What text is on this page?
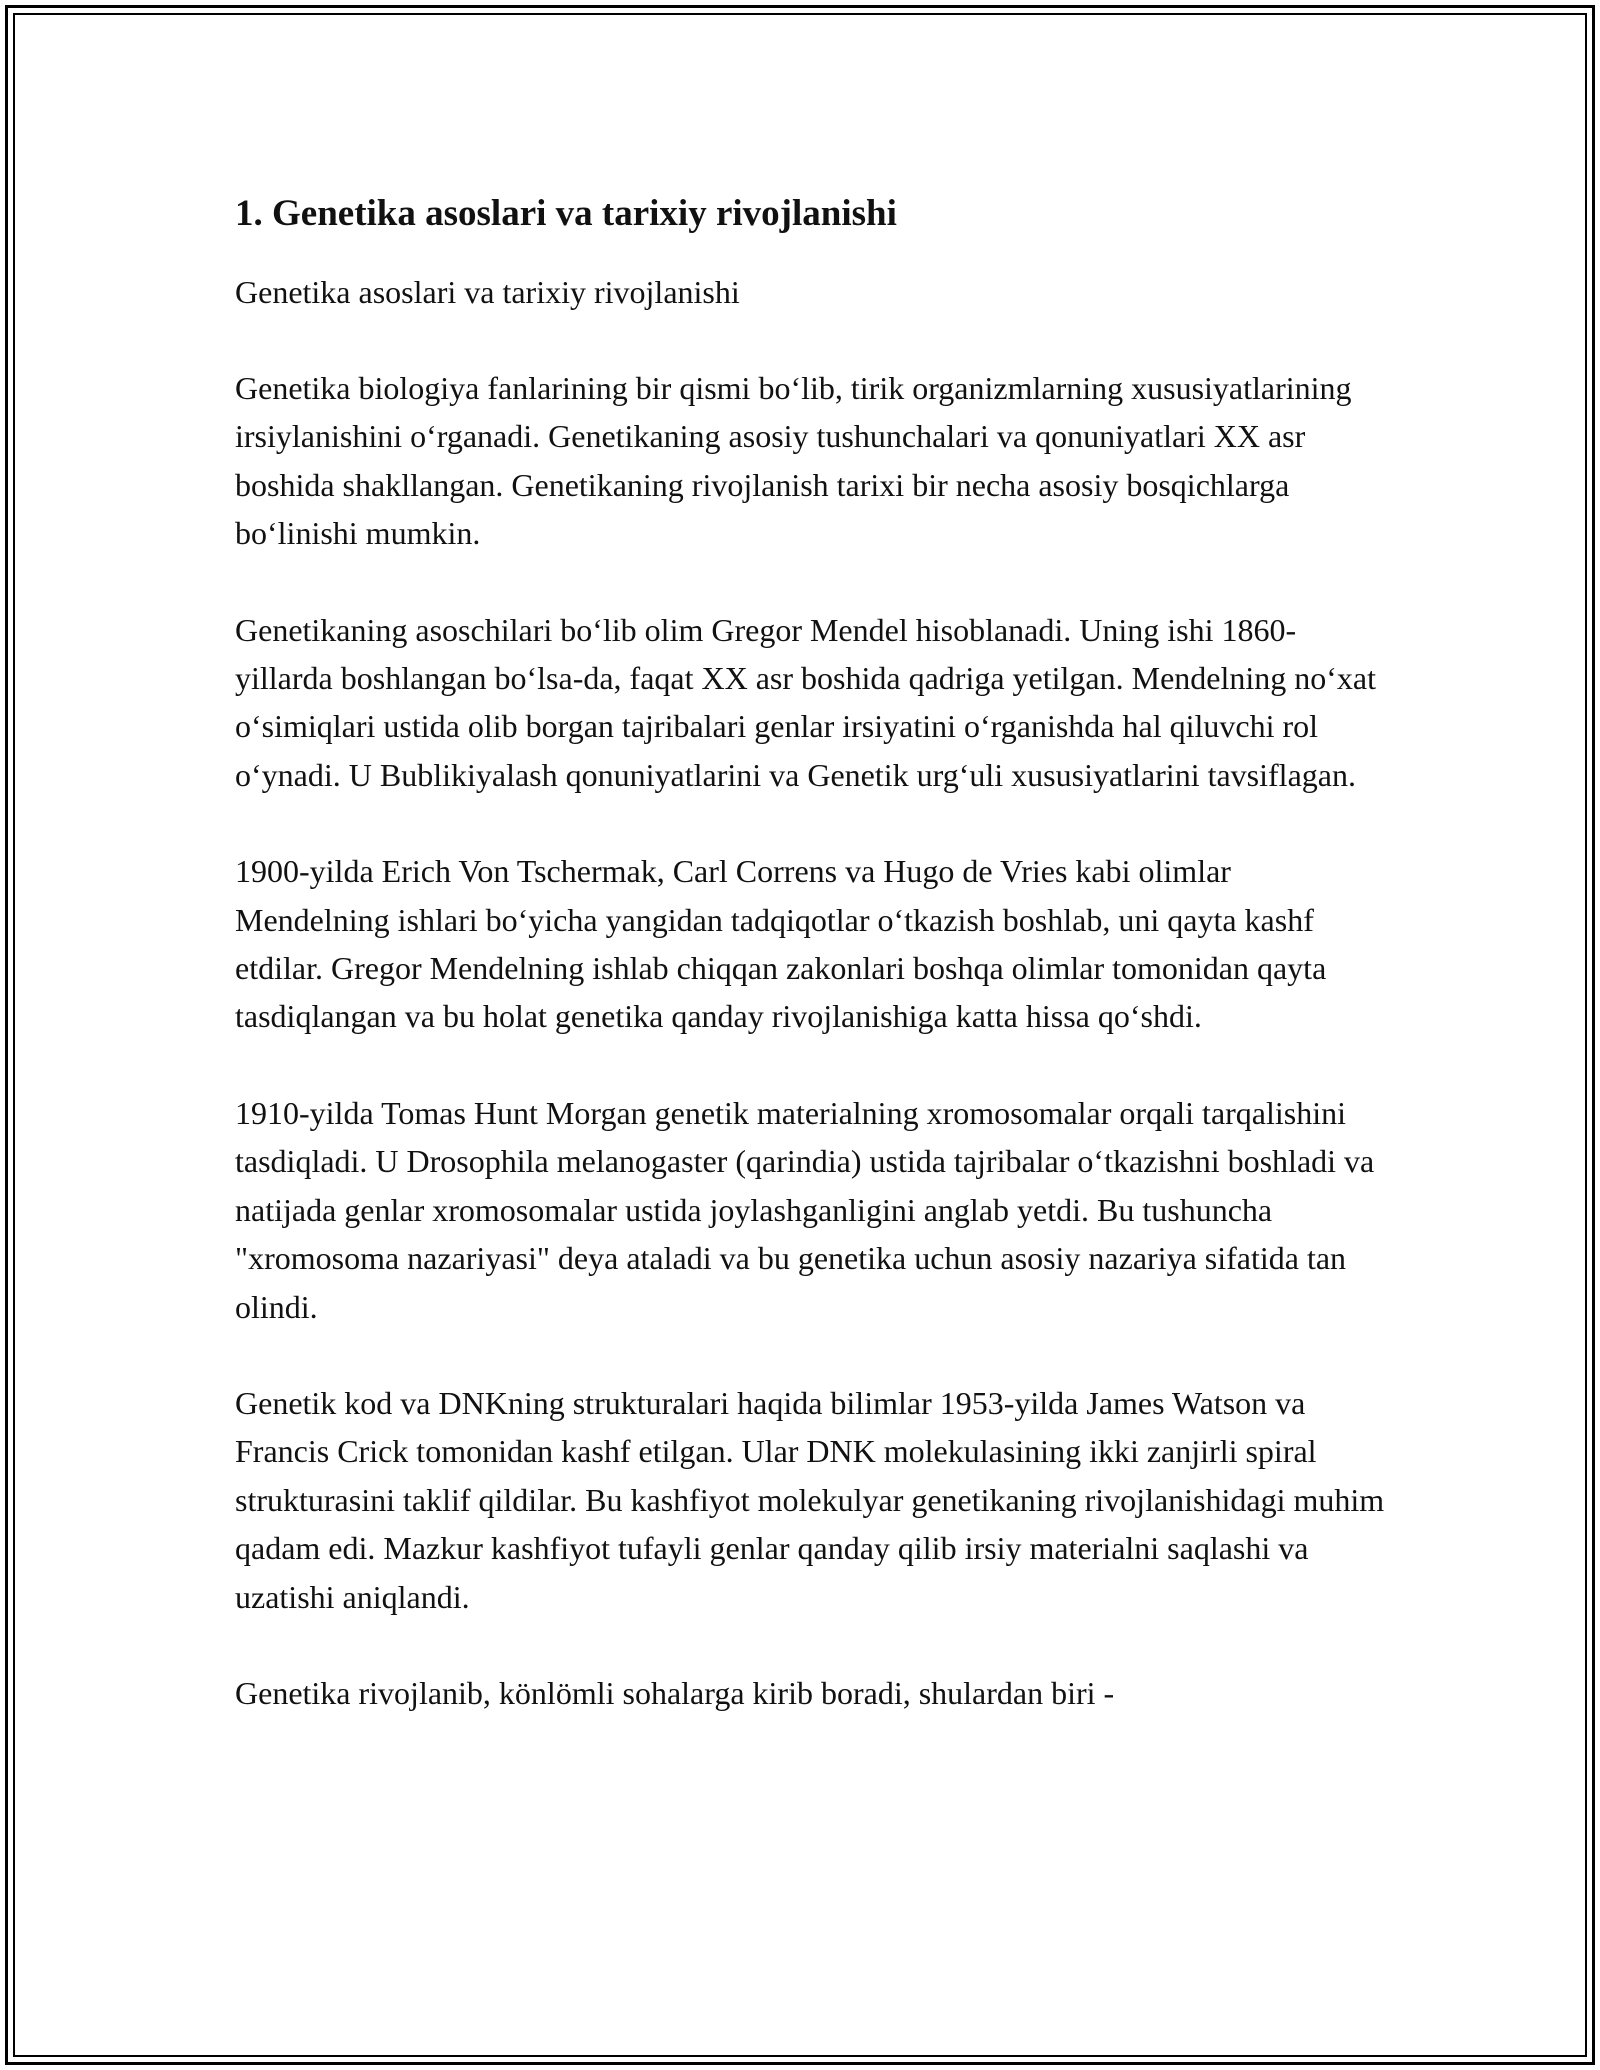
1. Genetika asoslari va tarixiy rivojlanishi

Genetika asoslari va tarixiy rivojlanishi

Genetika biologiya fanlarining bir qismi bo‘lib, tirik organizmlarning xususiyatlarining irsiylanishini o‘rganadi. Genetikaning asosiy tushunchalari va qonuniyatlari XX asr boshida shakllangan. Genetikaning rivojlanish tarixi bir necha asosiy bosqichlarga bo‘linishi mumkin.

Genetikaning asoschilari bo‘lib olim Gregor Mendel hisoblanadi. Uning ishi 1860-yillarda boshlangan bo‘lsa-da, faqat XX asr boshida qadriga yetilgan. Mendelning no‘xat o‘simiqlari ustida olib borgan tajribalari genlar irsiyatini o‘rganishda hal qiluvchi rol o‘ynadi. U Bublikiyalash qonuniyatlarini va Genetik urg‘uli xususiyatlarini tavsiflagan.

1900-yilda Erich Von Tschermak, Carl Correns va Hugo de Vries kabi olimlar Mendelning ishlari bo‘yicha yangidan tadqiqotlar o‘tkazish boshlab, uni qayta kashf etdilar. Gregor Mendelning ishlab chiqqan zakonlari boshqa olimlar tomonidan qayta tasdiqlangan va bu holat genetika qanday rivojlanishiga katta hissa qo‘shdi.

1910-yilda Tomas Hunt Morgan genetik materialning xromosomalar orqali tarqalishini tasdiqladi. U Drosophila melanogaster (qarindia) ustida tajribalar o‘tkazishni boshladi va natijada genlar xromosomalar ustida joylashganligini anglab yetdi. Bu tushuncha "xromosoma nazariyasi" deya ataladi va bu genetika uchun asosiy nazariya sifatida tan olindi.

Genetik kod va DNKning strukturalari haqida bilimlar 1953-yilda James Watson va Francis Crick tomonidan kashf etilgan. Ular DNK molekulasining ikki zanjirli spiral strukturasini taklif qildilar. Bu kashfiyot molekulyar genetikaning rivojlanishidagi muhim qadam edi. Mazkur kashfiyot tufayli genlar qanday qilib irsiy materialni saqlashi va uzatishi aniqlandi.

Genetika rivojlanib, könlömli sohalarga kirib boradi, shulardan biri -
